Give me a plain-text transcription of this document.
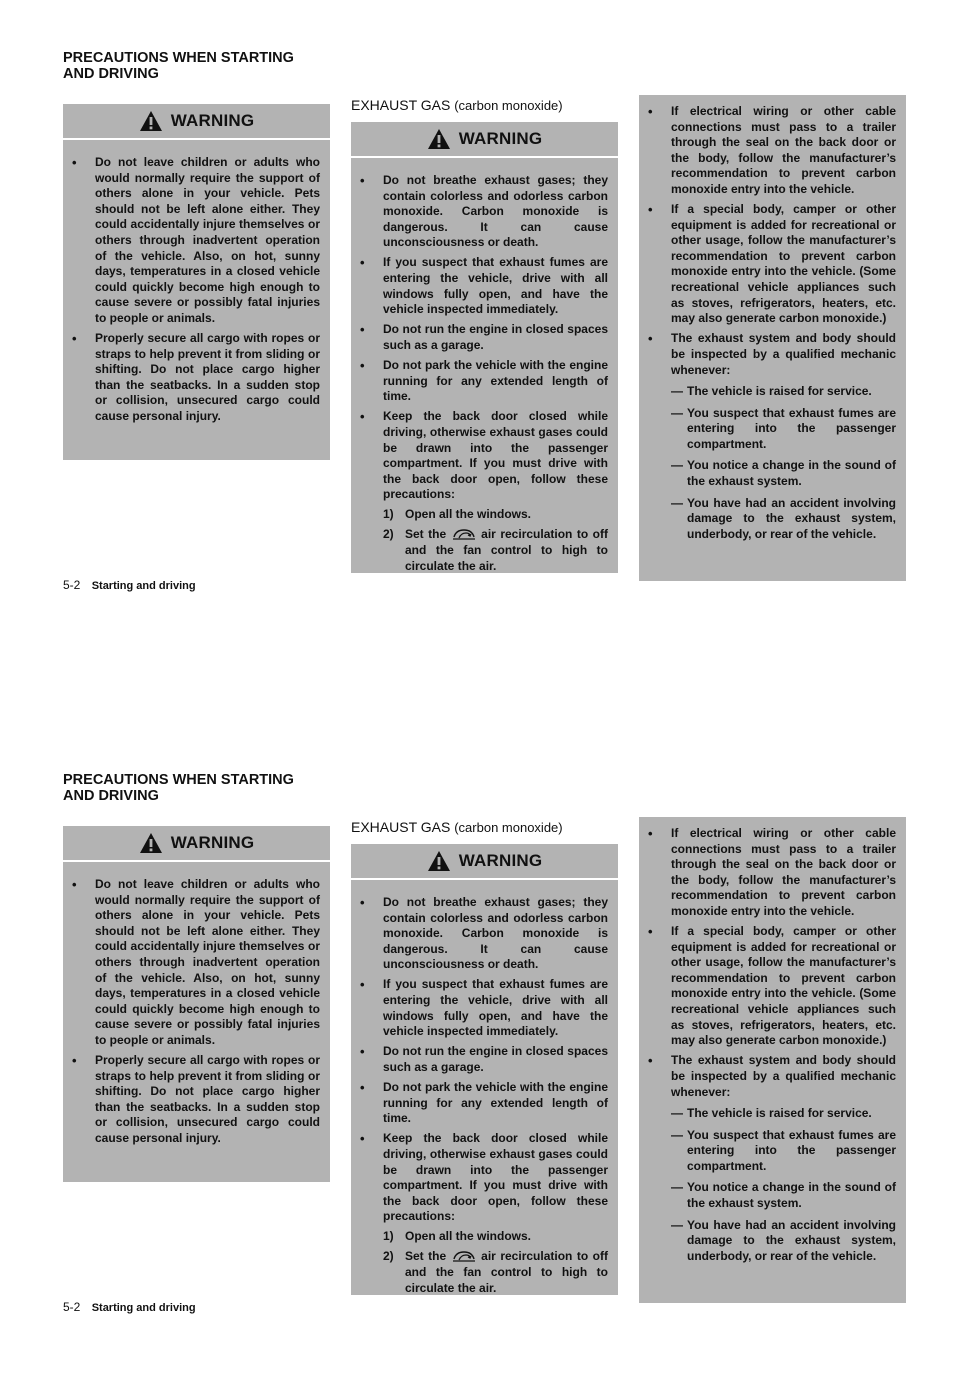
PRECAUTIONS WHEN STARTING
AND DRIVING
WARNING
• Do not leave children or adults who would normally require the support of others alone in your vehicle. Pets should not be left alone either. They could accidentally injure themselves or others through inadvertent operation of the vehicle. Also, on hot, sunny days, temperatures in a closed vehicle could quickly become high enough to cause severe or possibly fatal injuries to people or animals.
• Properly secure all cargo with ropes or straps to help prevent it from sliding or shifting. Do not place cargo higher than the seatbacks. In a sudden stop or collision, unsecured cargo could cause personal injury.

EXHAUST GAS (carbon monoxide)

WARNING
• Do not breathe exhaust gases; they contain colorless and odorless carbon monoxide. Carbon monoxide is dangerous. It can cause unconsciousness or death.
• If you suspect that exhaust fumes are entering the vehicle, drive with all windows fully open, and have the vehicle inspected immediately.
• Do not run the engine in closed spaces such as a garage.
• Do not park the vehicle with the engine running for any extended length of time.
• Keep the back door closed while driving, otherwise exhaust gases could be drawn into the passenger compartment. If you must drive with the back door open, follow these precautions:
1) Open all the windows.
2) Set the	air recirculation to off and the fan control to high to circulate the air.
• If electrical wiring or other cable connections must pass to a trailer through the seal on the back door or the body, follow the manufacturer’s recommendation to prevent carbon monoxide entry into the vehicle.
• If a special body, camper or other equipment is added for recreational or other usage, follow the manufacturer’s recommendation to prevent carbon monoxide entry into the vehicle. (Some recreational vehicle appliances such as stoves, refrigerators, heaters, etc. may also generate carbon monoxide.)
• The exhaust system and body should be inspected by a qualified mechanic whenever:
— The vehicle is raised for service.
— You suspect that exhaust fumes are entering into the passenger compartment.
— You notice a change in the sound of the exhaust system.
— You have had an accident involving damage to the exhaust system, underbody, or rear of the vehicle.

5-2 Starting and driving

PRECAUTIONS WHEN STARTING
AND DRIVING
WARNING
• Do not leave children or adults who would normally require the support of others alone in your vehicle. Pets should not be left alone either. They could accidentally injure themselves or others through inadvertent operation of the vehicle. Also, on hot, sunny days, temperatures in a closed vehicle could quickly become high enough to cause severe or possibly fatal injuries to people or animals.
• Properly secure all cargo with ropes or straps to help prevent it from sliding or shifting. Do not place cargo higher than the seatbacks. In a sudden stop or collision, unsecured cargo could cause personal injury.

EXHAUST GAS (carbon monoxide)

WARNING
• Do not breathe exhaust gases; they contain colorless and odorless carbon monoxide. Carbon monoxide is dangerous. It can cause unconsciousness or death.
• If you suspect that exhaust fumes are entering the vehicle, drive with all windows fully open, and have the vehicle inspected immediately.
• Do not run the engine in closed spaces such as a garage.
• Do not park the vehicle with the engine running for any extended length of time.
• Keep the back door closed while driving, otherwise exhaust gases could be drawn into the passenger compartment. If you must drive with the back door open, follow these precautions:
1) Open all the windows.
2) Set the	air recirculation to off and the fan control to high to circulate the air.
• If electrical wiring or other cable connections must pass to a trailer through the seal on the back door or the body, follow the manufacturer’s recommendation to prevent carbon monoxide entry into the vehicle.
• If a special body, camper or other equipment is added for recreational or other usage, follow the manufacturer’s recommendation to prevent carbon monoxide entry into the vehicle. (Some recreational vehicle appliances such as stoves, refrigerators, heaters, etc. may also generate carbon monoxide.)
• The exhaust system and body should be inspected by a qualified mechanic whenever:
— The vehicle is raised for service.
— You suspect that exhaust fumes are entering into the passenger compartment.
— You notice a change in the sound of the exhaust system.
— You have had an accident involving damage to the exhaust system, underbody, or rear of the vehicle.

5-2 Starting and driving
